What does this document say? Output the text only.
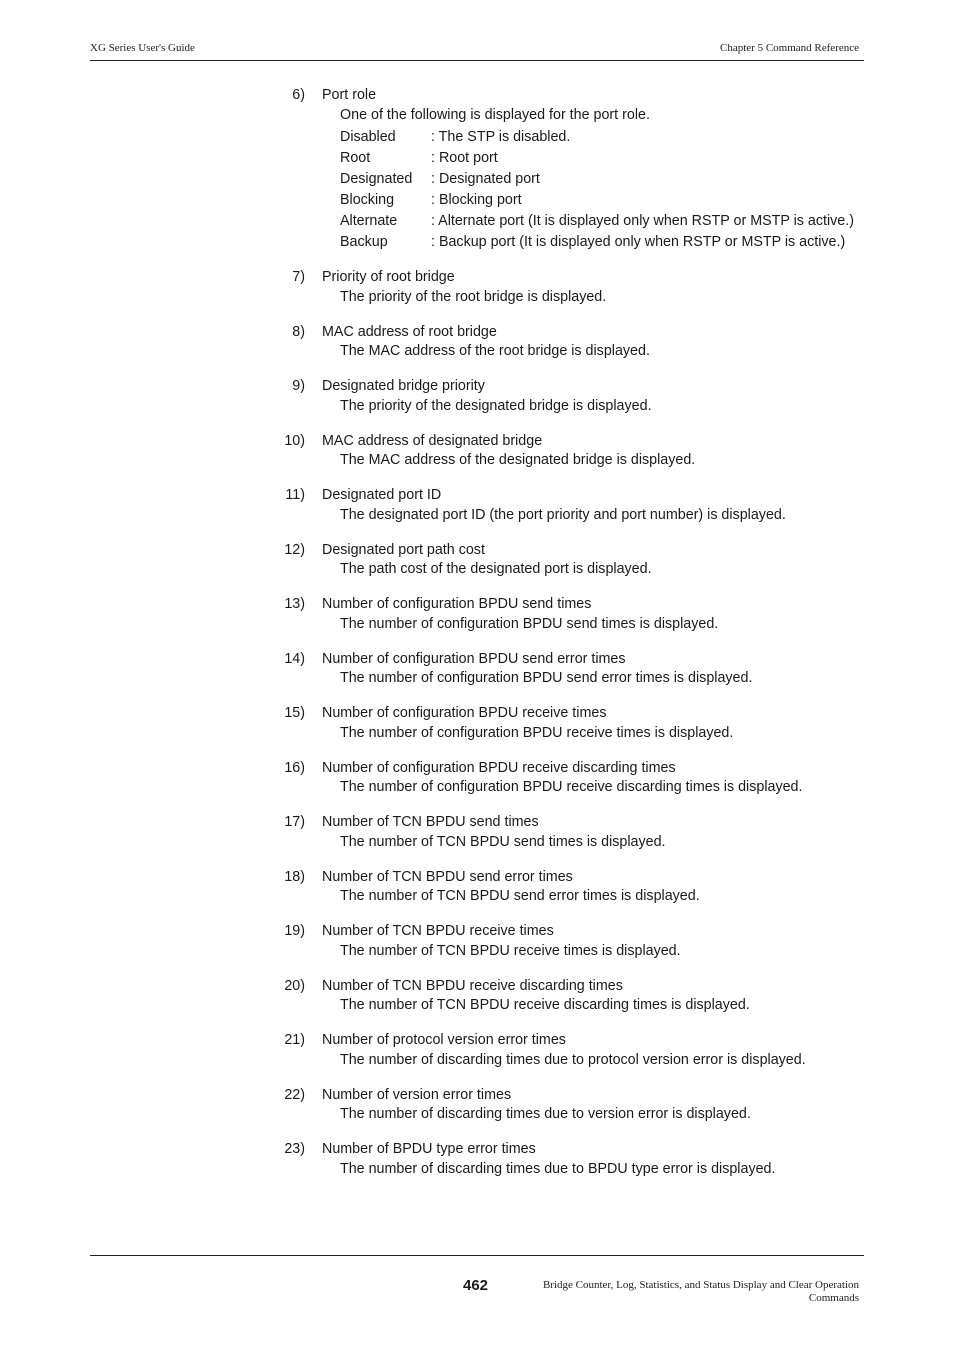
XG Series User's Guide	Chapter 5 Command Reference
6) Port role
One of the following is displayed for the port role.
Disabled	: The STP is disabled.
Root	: Root port
Designated	: Designated port
Blocking	: Blocking port
Alternate	: Alternate port (It is displayed only when RSTP or MSTP is active.)
Backup	: Backup port (It is displayed only when RSTP or MSTP is active.)
7) Priority of root bridge
The priority of the root bridge is displayed.
8) MAC address of root bridge
The MAC address of the root bridge is displayed.
9) Designated bridge priority
The priority of the designated bridge is displayed.
10) MAC address of designated bridge
The MAC address of the designated bridge is displayed.
11) Designated port ID
The designated port ID (the port priority and port number) is displayed.
12) Designated port path cost
The path cost of the designated port is displayed.
13) Number of configuration BPDU send times
The number of configuration BPDU send times is displayed.
14) Number of configuration BPDU send error times
The number of configuration BPDU send error times is displayed.
15) Number of configuration BPDU receive times
The number of configuration BPDU receive times is displayed.
16) Number of configuration BPDU receive discarding times
The number of configuration BPDU receive discarding times is displayed.
17) Number of TCN BPDU send times
The number of TCN BPDU send times is displayed.
18) Number of TCN BPDU send error times
The number of TCN BPDU send error times is displayed.
19) Number of TCN BPDU receive times
The number of TCN BPDU receive times is displayed.
20) Number of TCN BPDU receive discarding times
The number of TCN BPDU receive discarding times is displayed.
21) Number of protocol version error times
The number of discarding times due to protocol version error is displayed.
22) Number of version error times
The number of discarding times due to version error is displayed.
23) Number of BPDU type error times
The number of discarding times due to BPDU type error is displayed.
462	Bridge Counter, Log, Statistics, and Status Display and Clear Operation
Commands
